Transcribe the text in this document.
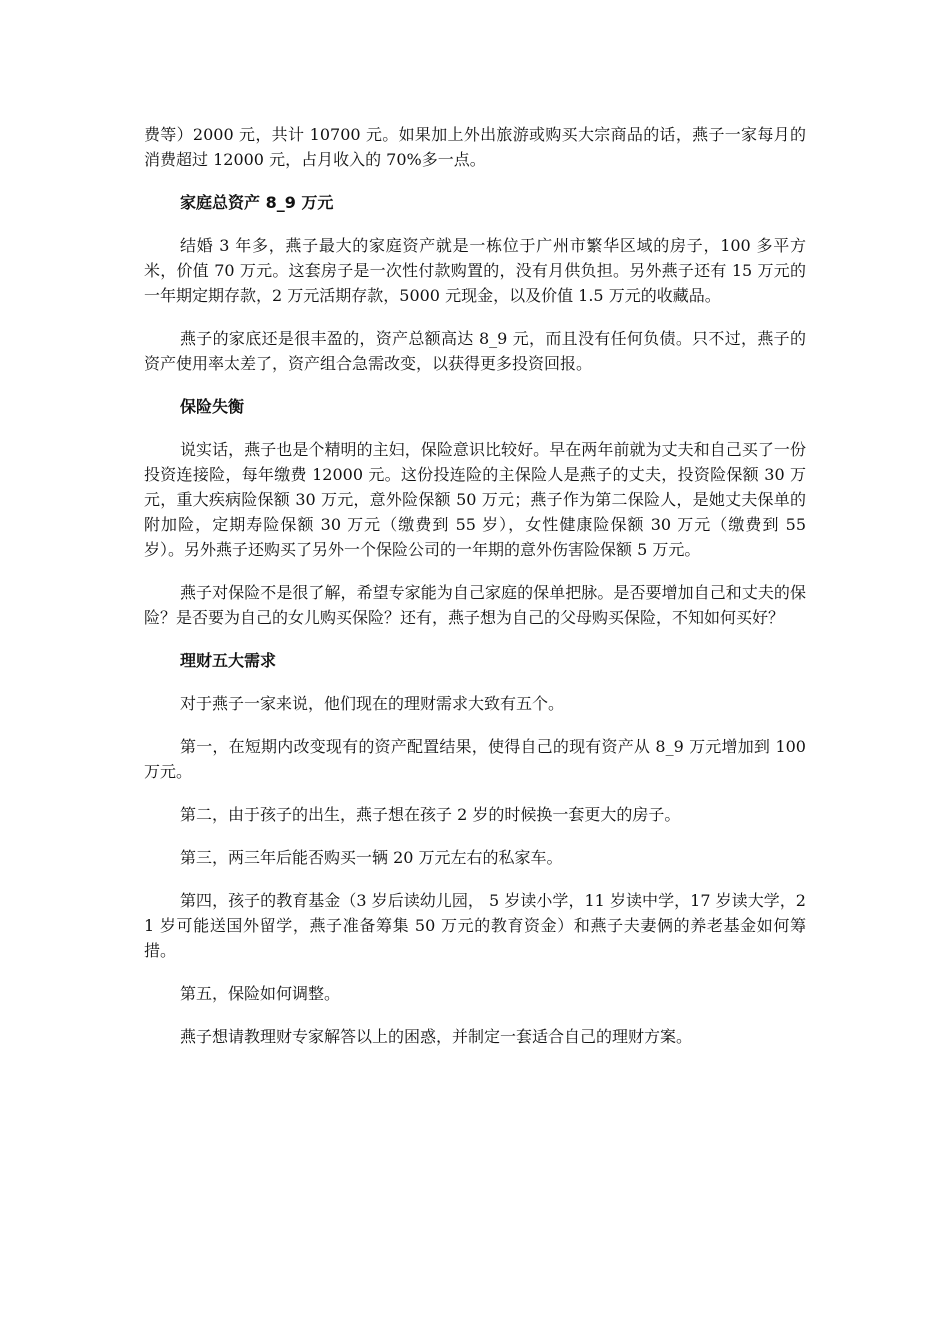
费等）2000 元，共计 10700 元。如果加上外出旅游或购买大宗商品的话，燕子一家每月的消费超过 12000 元，占月收入的 70%多一点。

家庭总资产 8_9 万元

结婚 3 年多，燕子最大的家庭资产就是一栋位于广州市繁华区域的房子，100 多平方米，价值 70 万元。这套房子是一次性付款购置的，没有月供负担。另外燕子还有 15 万元的一年期定期存款，2 万元活期存款，5000 元现金，以及价值 1.5 万元的收藏品。

燕子的家底还是很丰盈的，资产总额高达 8_9 元，而且没有任何负债。只不过，燕子的资产使用率太差了，资产组合急需改变，以获得更多投资回报。

保险失衡

说实话，燕子也是个精明的主妇，保险意识比较好。早在两年前就为丈夫和自己买了一份投资连接险，每年缴费 12000 元。这份投连险的主保险人是燕子的丈夫，投资险保额 30 万元，重大疾病险保额 30 万元，意外险保额 50 万元；燕子作为第二保险人，是她丈夫保单的附加险，定期寿险保额 30 万元（缴费到 55 岁），女性健康险保额 30 万元（缴费到 55 岁）。另外燕子还购买了另外一个保险公司的一年期的意外伤害险保额 5 万元。

燕子对保险不是很了解，希望专家能为自己家庭的保单把脉。是否要增加自己和丈夫的保险？是否要为自己的女儿购买保险？还有，燕子想为自己的父母购买保险，不知如何买好？

理财五大需求

对于燕子一家来说，他们现在的理财需求大致有五个。

第一，在短期内改变现有的资产配置结果，使得自己的现有资产从 8_9 万元增加到 100 万元。

第二，由于孩子的出生，燕子想在孩子 2 岁的时候换一套更大的房子。

第三，两三年后能否购买一辆 20 万元左右的私家车。

第四，孩子的教育基金（3 岁后读幼儿园， 5 岁读小学，11 岁读中学，17 岁读大学，21 岁可能送国外留学，燕子准备筹集 50 万元的教育资金）和燕子夫妻俩的养老基金如何筹措。

第五，保险如何调整。

燕子想请教理财专家解答以上的困惑，并制定一套适合自己的理财方案。
